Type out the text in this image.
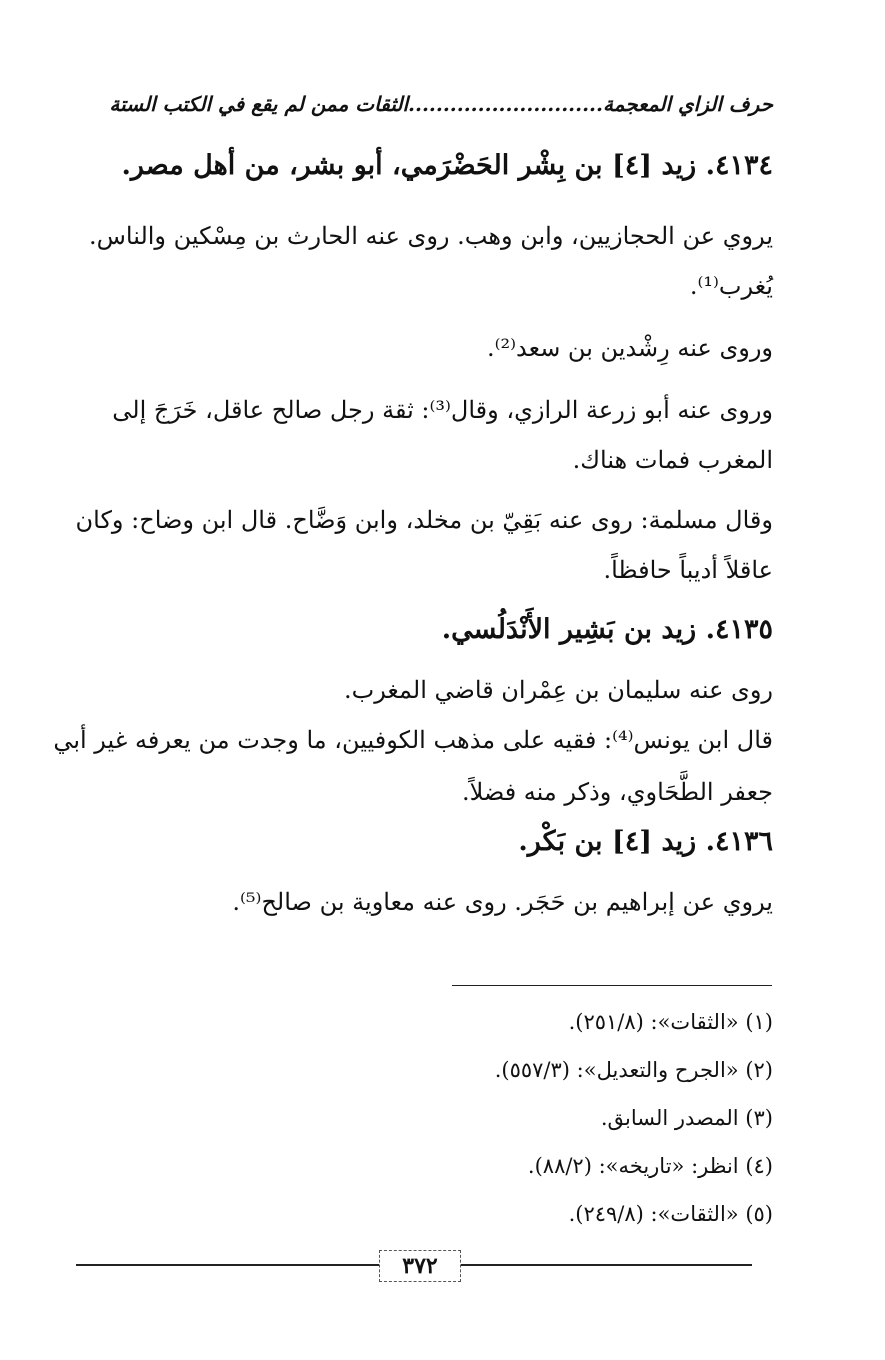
حرف الزاي المعجمة............................الثقات ممن لم يقع في الكتب الستة
٤١٣٤. زيد [٤] بن بِشْر الحَضْرَمي، أبو بشر، من أهل مصر.
يروي عن الحجازيين، وابن وهب. روى عنه الحارث بن مِسْكين والناس.
يُغرب⁽¹⁾.
وروى عنه رِشْدين بن سعد⁽²⁾.
وروى عنه أبو زرعة الرازي، وقال⁽³⁾: ثقة رجل صالح عاقل، خَرَجَ إلى
المغرب فمات هناك.
وقال مسلمة: روى عنه بَقِيّ بن مخلد، وابن وَضَّاح. قال ابن وضاح: وكان
عاقلاً أديباً حافظاً.
٤١٣٥. زيد بن بَشِير الأَنْدَلُسي.
روى عنه سليمان بن عِمْران قاضي المغرب.
قال ابن يونس⁽⁴⁾: فقيه على مذهب الكوفيين، ما وجدت من يعرفه غير أبي
جعفر الطَّحَاوي، وذكر منه فضلاً.
٤١٣٦. زيد [٤] بن بَكْر.
يروي عن إبراهيم بن حَجَر. روى عنه معاوية بن صالح⁽⁵⁾.
(١) «الثقات»: (٢٥١/٨).
(٢) «الجرح والتعديل»: (٥٥٧/٣).
(٣) المصدر السابق.
(٤) انظر: «تاريخه»: (٨٨/٢).
(٥) «الثقات»: (٢٤٩/٨).
٣٧٢
